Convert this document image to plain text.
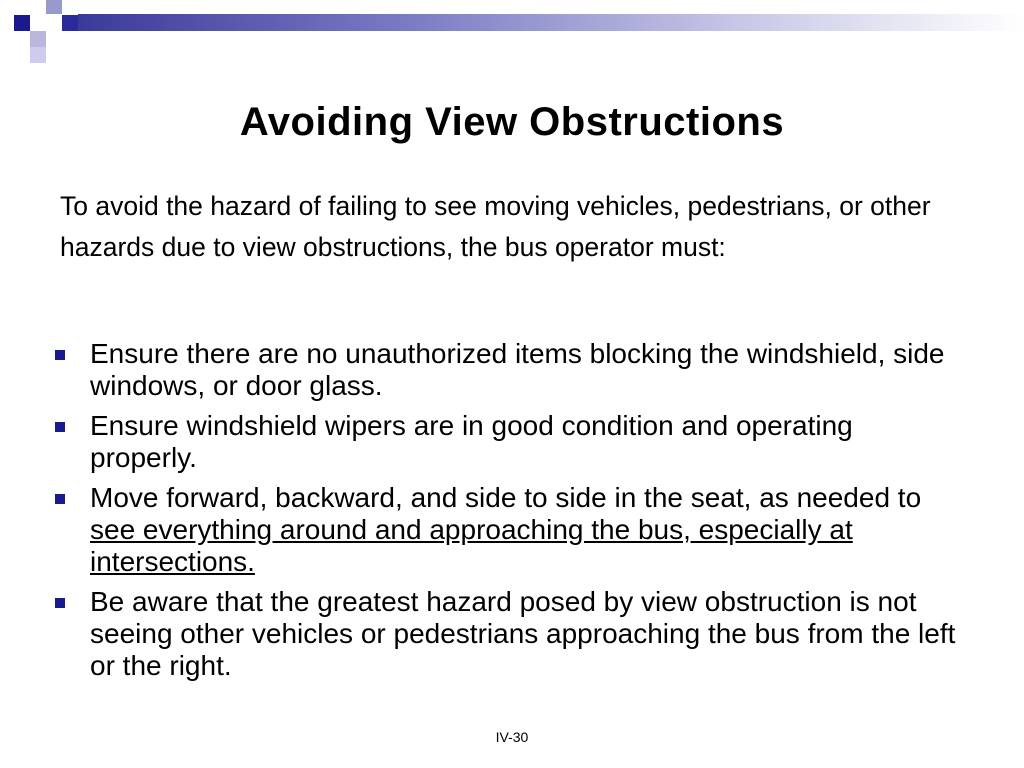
Avoiding View Obstructions

To avoid the hazard of failing to see moving vehicles, pedestrians, or other hazards due to view obstructions, the bus operator must:

Ensure there are no unauthorized items blocking the windshield, side windows, or door glass.
Ensure windshield wipers are in good condition and operating properly.
Move forward, backward, and side to side in the seat, as needed to see everything around and approaching the bus, especially at intersections.
Be aware that the greatest hazard posed by view obstruction is not seeing other vehicles or pedestrians approaching the bus from the left or the right.
IV-30
